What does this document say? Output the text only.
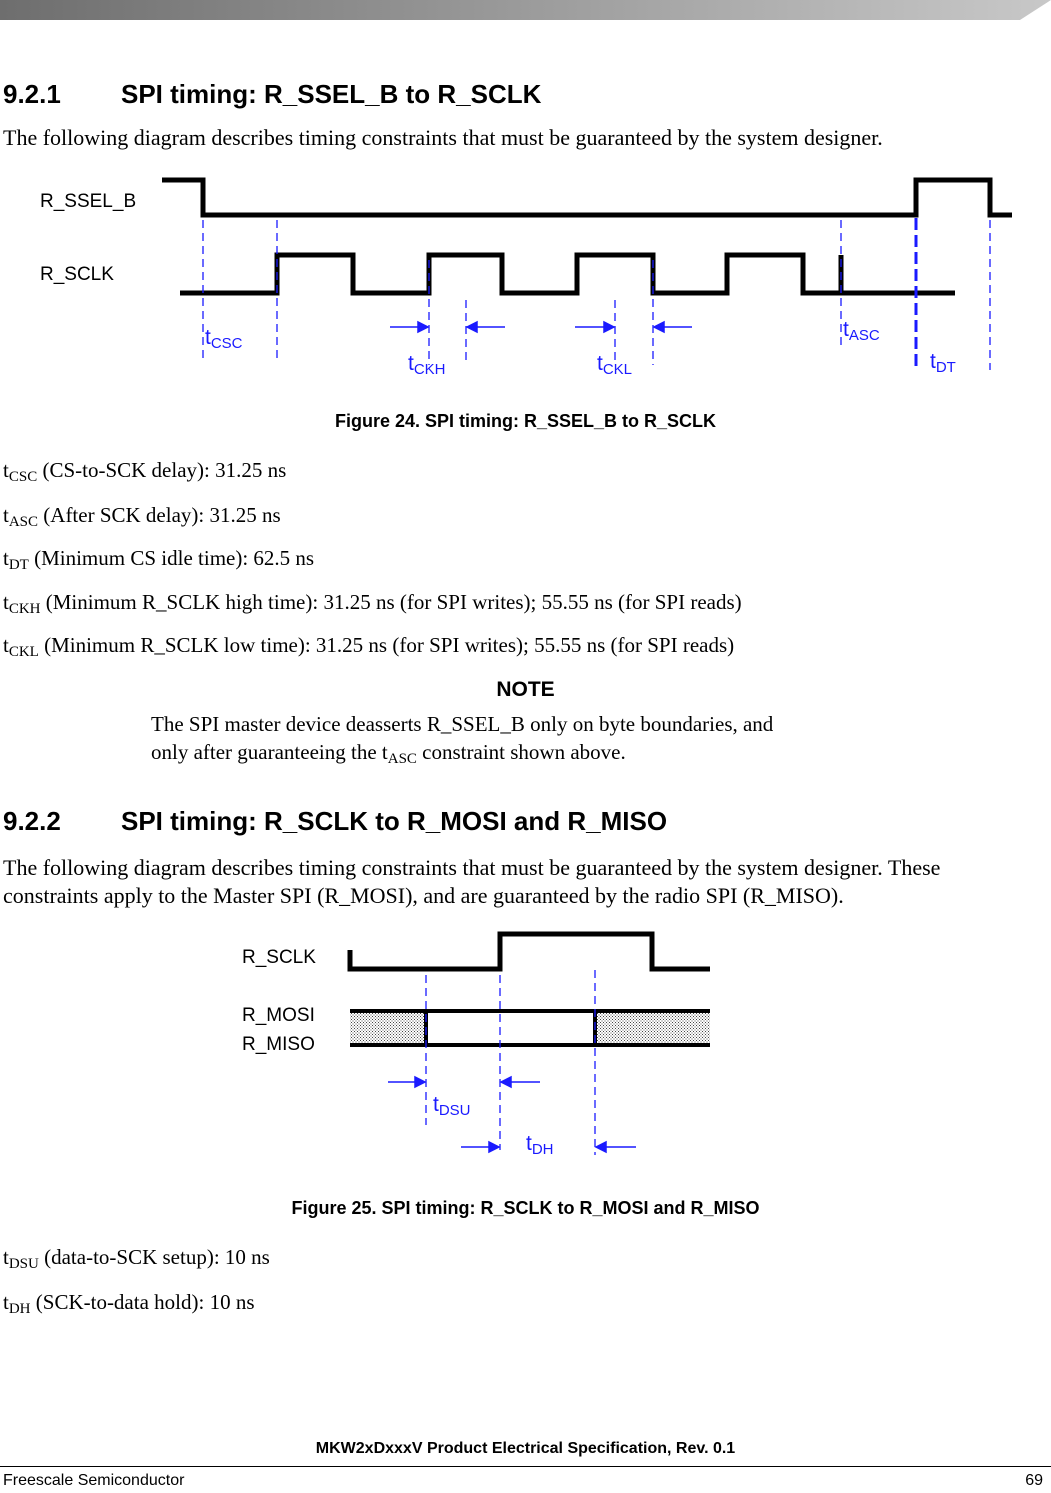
9.2.1 SPI timing: R_SSEL_B to R_SCLK
The following diagram describes timing constraints that must be guaranteed by the system designer.
R_SSEL_B
R_SCLK
tCSC
tCKH	tCKL
tASC
tDT
Figure 24. SPI timing: R_SSEL_B to R_SCLK
$t_{CSC}$ (CS-to-SCK delay): 31.25 ns
$t_{ASC}$ (After SCK delay): 31.25 ns
$t_{DT}$ (Minimum CS idle time): 62.5 ns
$t_{CKH}$ (Minimum R_SCLK high time): 31.25 ns (for SPI writes); 55.55 ns (for SPI reads)
$t_{CKL}$ (Minimum R_SCLK low time): 31.25 ns (for SPI writes); 55.55 ns (for SPI reads)
NOTE
The SPI master device deasserts R_SSEL_B only on byte boundaries, and
only after guaranteeing the $t_{ASC}$ constraint shown above.
9.2.2 SPI timing: R_SCLK to R_MOSI and R_MISO
The following diagram describes timing constraints that must be guaranteed by the system designer. These
constraints apply to the Master SPI (R_MOSI), and are guaranteed by the radio SPI (R_MISO).
R_SCLK
R_MOSI
R_MISO
tDSU
tDH
Figure 25. SPI timing: R_SCLK to R_MOSI and R_MISO
$t_{DSU}$ (data-to-SCK setup): 10 ns
$t_{DH}$ (SCK-to-data hold): 10 ns
MKW2xDxxxV Product Electrical Specification, Rev. 0.1
Freescale Semiconductor	69
